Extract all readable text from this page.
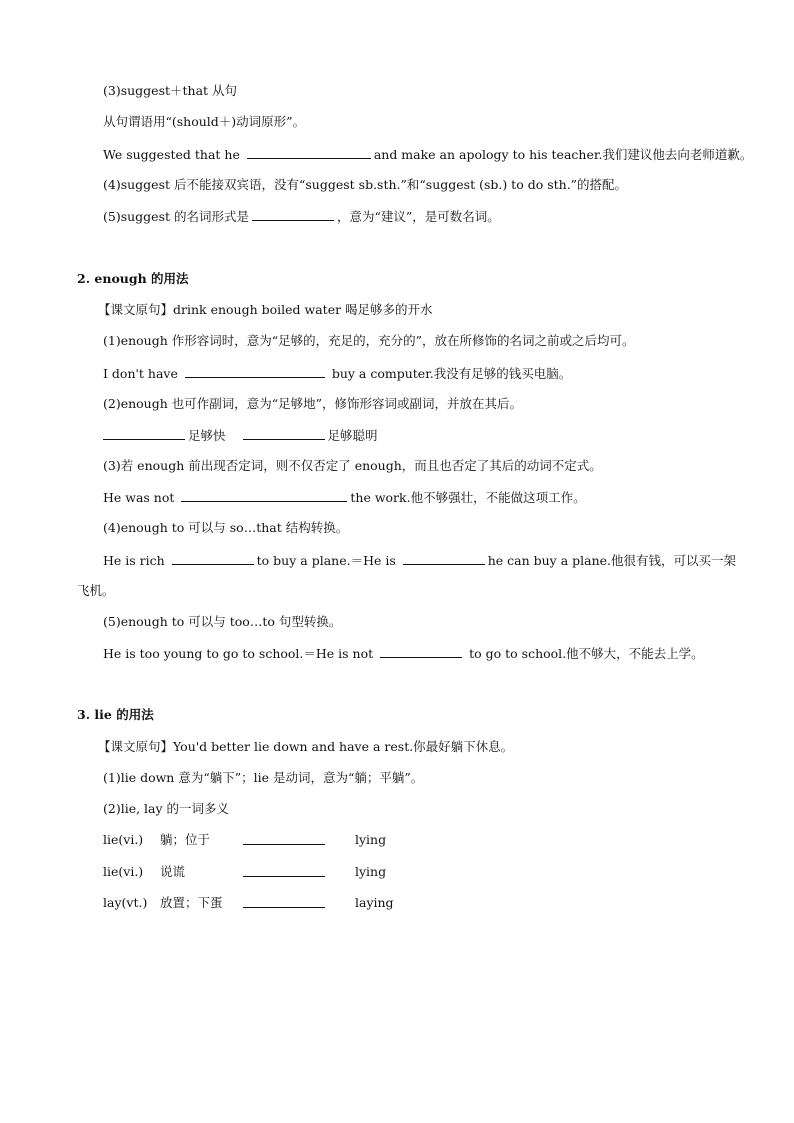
(3)suggest＋that 从句
从句谓语用“(should＋)动词原形”。
We suggested that he	and make an apology to his teacher.我们建议他去向老师道歉。
(4)suggest 后不能接双宾语，没有“suggest sb.sth.”和“suggest (sb.) to do sth.”的搭配。
(5)suggest 的名词形式是	，意为“建议”，是可数名词。
2. enough 的用法
【课文原句】drink enough boiled water 喝足够多的开水
(1)enough 作形容词时，意为“足够的，充足的，充分的”，放在所修饰的名词之前或之后均可。
I don't have	buy a computer.我没有足够的钱买电脑。
(2)enough 也可作副词，意为“足够地”，修饰形容词或副词，并放在其后。
足够快	足够聪明
(3)若 enough 前出现否定词，则不仅否定了 enough，而且也否定了其后的动词不定式。
He was not	the work.他不够强壮，不能做这项工作。
(4)enough to 可以与 so…that 结构转换。
He is rich	to buy a plane.＝He is	he can buy a plane.他很有钱，可以买一架
飞机。
(5)enough to 可以与 too…to 句型转换。
He is too young to go to school.＝He is not	to go to school.他不够大，不能去上学。
3. lie 的用法
【课文原句】You'd better lie down and have a rest.你最好躺下休息。
(1)lie down 意为“躺下”；lie 是动词，意为“躺；平躺”。
(2)lie, lay 的一词多义
lie(vi.) 躺；位于	lying
lie(vi.) 说谎	lying
lay(vt.) 放置；下蛋	laying
